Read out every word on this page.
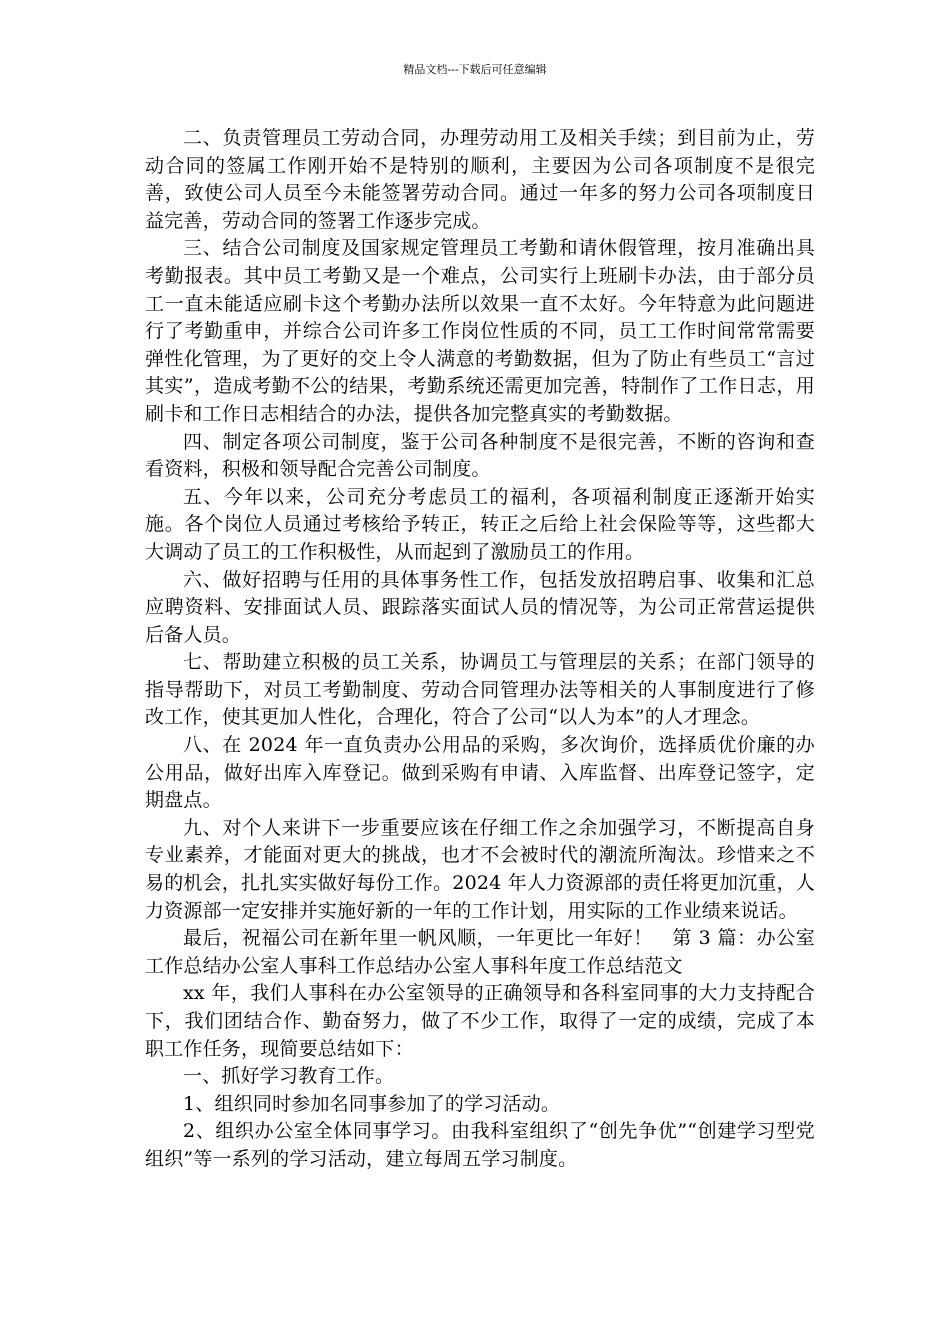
精品文档---下载后可任意编辑

二、负责管理员工劳动合同，办理劳动用工及相关手续；到目前为止，劳动合同的签属工作刚开始不是特别的顺利，主要因为公司各项制度不是很完善，致使公司人员至今未能签署劳动合同。通过一年多的努力公司各项制度日益完善，劳动合同的签署工作逐步完成。

三、结合公司制度及国家规定管理员工考勤和请休假管理，按月准确出具考勤报表。其中员工考勤又是一个难点，公司实行上班刷卡办法，由于部分员工一直未能适应刷卡这个考勤办法所以效果一直不太好。今年特意为此问题进行了考勤重申，并综合公司许多工作岗位性质的不同，员工工作时间常常需要弹性化管理，为了更好的交上令人满意的考勤数据，但为了防止有些员工“言过其实”，造成考勤不公的结果，考勤系统还需更加完善，特制作了工作日志，用刷卡和工作日志相结合的办法，提供各加完整真实的考勤数据。

四、制定各项公司制度，鉴于公司各种制度不是很完善，不断的咨询和查看资料，积极和领导配合完善公司制度。

五、今年以来，公司充分考虑员工的福利，各项福利制度正逐渐开始实施。各个岗位人员通过考核给予转正，转正之后给上社会保险等等，这些都大大调动了员工的工作积极性，从而起到了激励员工的作用。

六、做好招聘与任用的具体事务性工作，包括发放招聘启事、收集和汇总应聘资料、安排面试人员、跟踪落实面试人员的情况等，为公司正常营运提供后备人员。

七、帮助建立积极的员工关系，协调员工与管理层的关系；在部门领导的指导帮助下，对员工考勤制度、劳动合同管理办法等相关的人事制度进行了修改工作，使其更加人性化，合理化，符合了公司“以人为本”的人才理念。

八、在 2024 年一直负责办公用品的采购，多次询价，选择质优价廉的办公用品，做好出库入库登记。做到采购有申请、入库监督、出库登记签字，定期盘点。

九、对个人来讲下一步重要应该在仔细工作之余加强学习，不断提高自身专业素养，才能面对更大的挑战，也才不会被时代的潮流所淘汰。珍惜来之不易的机会，扎扎实实做好每份工作。2024 年人力资源部的责任将更加沉重，人力资源部一定安排并实施好新的一年的工作计划，用实际的工作业绩来说话。

最后，祝福公司在新年里一帆风顺，一年更比一年好！　第 3 篇：办公室工作总结办公室人事科工作总结办公室人事科年度工作总结范文

xx 年，我们人事科在办公室领导的正确领导和各科室同事的大力支持配合下，我们团结合作、勤奋努力，做了不少工作，取得了一定的成绩，完成了本职工作任务，现简要总结如下：

一、抓好学习教育工作。

1、组织同时参加名同事参加了的学习活动。

2、组织办公室全体同事学习。由我科室组织了“创先争优”“创建学习型党组织”等一系列的学习活动，建立每周五学习制度。
